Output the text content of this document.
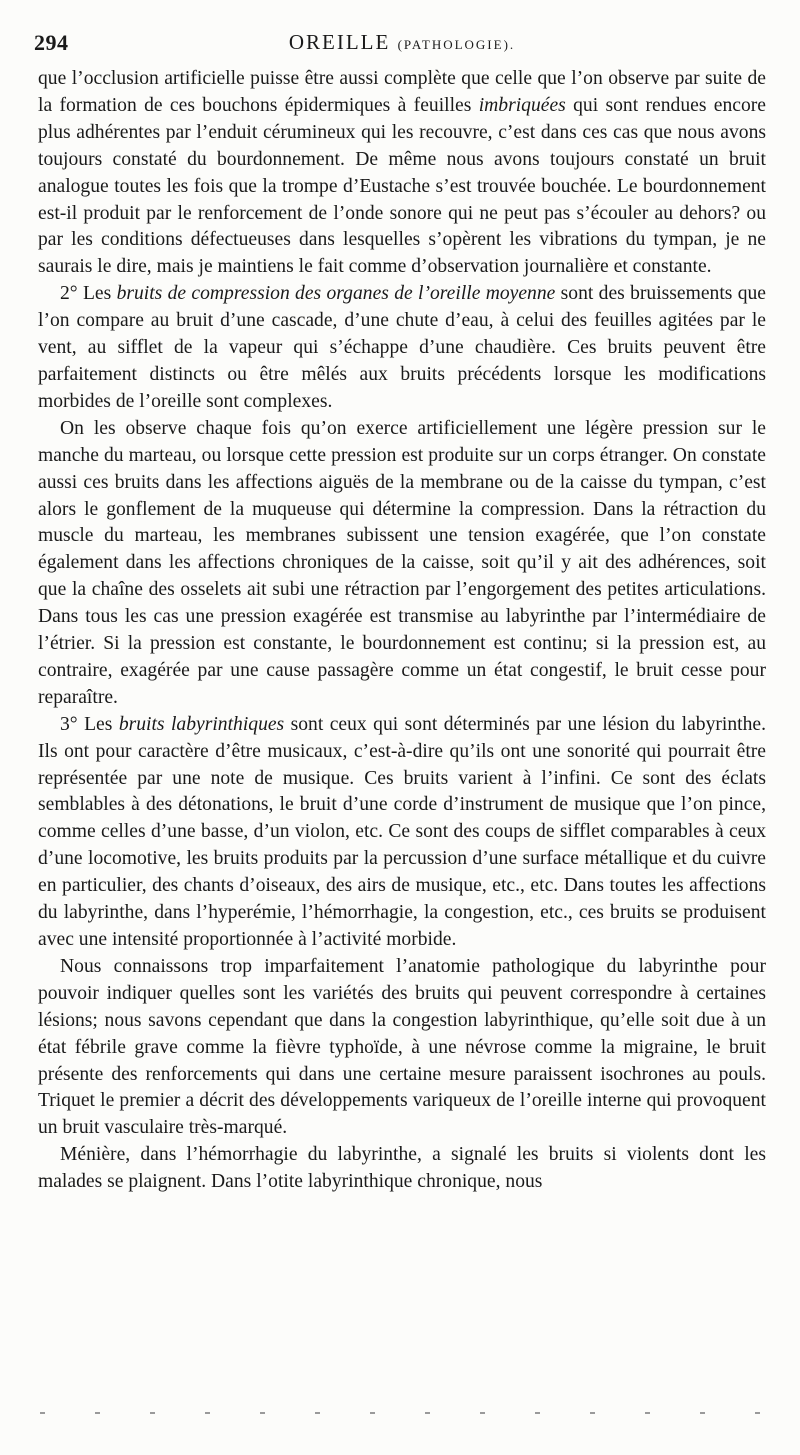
294	OREILLE (PATHOLOGIE).

que l’occlusion artificielle puisse être aussi complète que celle que l’on observe par suite de la formation de ces bouchons épidermiques à feuilles imbriquées qui sont rendues encore plus adhérentes par l’enduit cérumineux qui les recouvre, c’est dans ces cas que nous avons toujours constaté du bourdonnement. De même nous avons toujours constaté un bruit analogue toutes les fois que la trompe d’Eustache s’est trouvée bouchée. Le bourdonnement est-il produit par le renforcement de l’onde sonore qui ne peut pas s’écouler au dehors? ou par les conditions défectueuses dans lesquelles s’opèrent les vibrations du tympan, je ne saurais le dire, mais je maintiens le fait comme d’observation journalière et constante.

2° Les bruits de compression des organes de l’oreille moyenne sont des bruissements que l’on compare au bruit d’une cascade, d’une chute d’eau, à celui des feuilles agitées par le vent, au sifflet de la vapeur qui s’échappe d’une chaudière. Ces bruits peuvent être parfaitement distincts ou être mêlés aux bruits précédents lorsque les modifications morbides de l’oreille sont complexes.

On les observe chaque fois qu’on exerce artificiellement une légère pression sur le manche du marteau, ou lorsque cette pression est produite sur un corps étranger. On constate aussi ces bruits dans les affections aiguës de la membrane ou de la caisse du tympan, c’est alors le gonflement de la muqueuse qui détermine la compression. Dans la rétraction du muscle du marteau, les membranes subissent une tension exagérée, que l’on constate également dans les affections chroniques de la caisse, soit qu’il y ait des adhérences, soit que la chaîne des osselets ait subi une rétraction par l’engorgement des petites articulations. Dans tous les cas une pression exagérée est transmise au labyrinthe par l’intermédiaire de l’étrier. Si la pression est constante, le bourdonnement est continu; si la pression est, au contraire, exagérée par une cause passagère comme un état congestif, le bruit cesse pour reparaître.

3° Les bruits labyrinthiques sont ceux qui sont déterminés par une lésion du labyrinthe. Ils ont pour caractère d’être musicaux, c’est-à-dire qu’ils ont une sonorité qui pourrait être représentée par une note de musique. Ces bruits varient à l’infini. Ce sont des éclats semblables à des détonations, le bruit d’une corde d’instrument de musique que l’on pince, comme celles d’une basse, d’un violon, etc. Ce sont des coups de sifflet comparables à ceux d’une locomotive, les bruits produits par la percussion d’une surface métallique et du cuivre en particulier, des chants d’oiseaux, des airs de musique, etc., etc. Dans toutes les affections du labyrinthe, dans l’hyperémie, l’hémorrhagie, la congestion, etc., ces bruits se produisent avec une intensité proportionnée à l’activité morbide.

Nous connaissons trop imparfaitement l’anatomie pathologique du labyrinthe pour pouvoir indiquer quelles sont les variétés des bruits qui peuvent correspondre à certaines lésions; nous savons cependant que dans la congestion labyrinthique, qu’elle soit due à un état fébrile grave comme la fièvre typhoïde, à une névrose comme la migraine, le bruit présente des renforcements qui dans une certaine mesure paraissent isochrones au pouls. Triquet le premier a décrit des développements variqueux de l’oreille interne qui provoquent un bruit vasculaire très-marqué.

Ménière, dans l’hémorrhagie du labyrinthe, a signalé les bruits si violents dont les malades se plaignent. Dans l’otite labyrinthique chronique, nous
